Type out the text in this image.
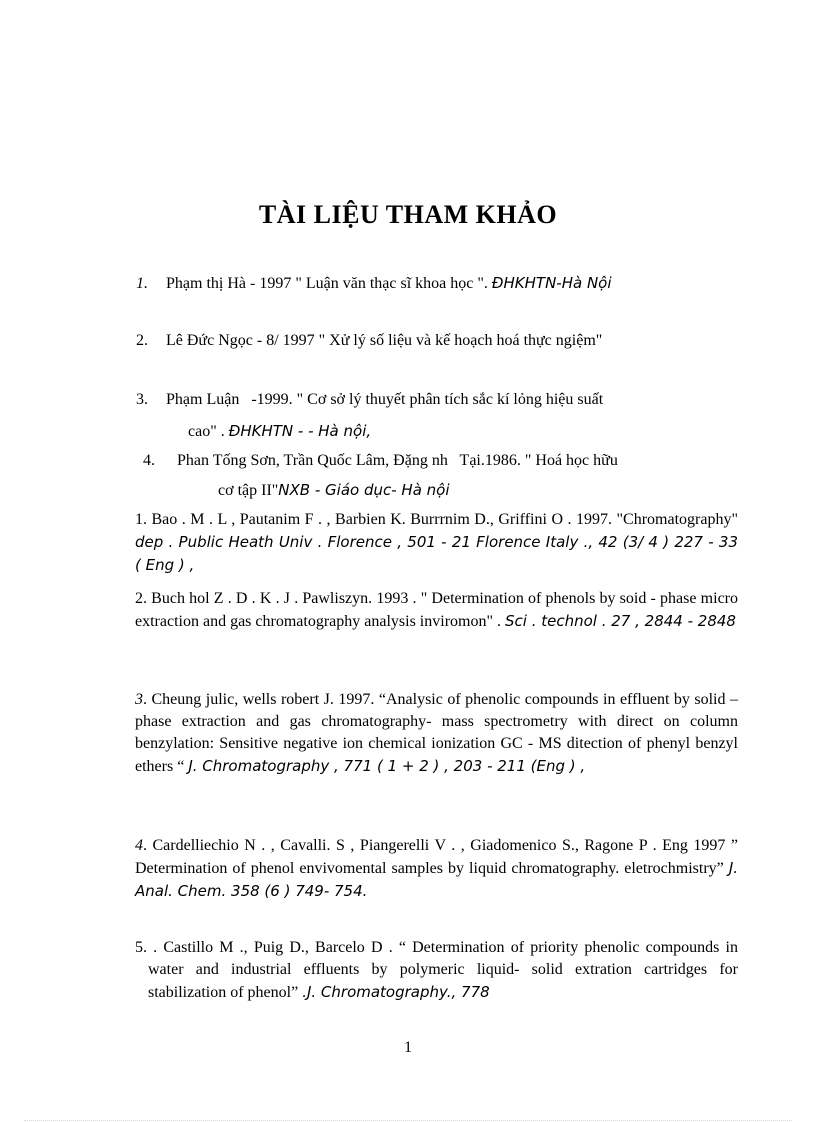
TÀI LIỆU THAM KHẢO
1. Phạm thị Hà - 1997 " Luận văn thạc sĩ khoa học ". ĐHKHTN-Hà Nội
2. Lê Đức Ngọc - 8/ 1997 " Xử lý số liệu và kế hoạch hoá thực ngiệm"
3. Phạm Luận   -1999. " Cơ sở lý thuyết phân tích sắc kí lỏng hiệu suất
cao" . ĐHKHTN - - Hà nội,
4. Phan Tống Sơn, Trần Quốc Lâm, Đặng nh   Tại.1986. " Hoá học hữu
cơ tập II"NXB - Giáo dục- Hà nội
1. Bao . M . L , Pautanim F . , Barbien K. Burrrnim D., Griffini O . 1997. "Chromatography" dep . Public Heath Univ . Florence , 501 - 21 Florence Italy ., 42 (3/ 4 ) 227 - 33 ( Eng ) ,
2. Buch hol Z . D . K . J . Pawliszyn. 1993 . " Determination of phenols by soid - phase micro extraction and gas chromatography analysis inviromon" . Sci . technol . 27 , 2844 - 2848
3. Cheung julic, wells robert J. 1997. “Analysic of phenolic compounds in effluent by solid – phase extraction and gas chromatography- mass spectrometry with direct on column benzylation: Sensitive negative ion chemical ionization GC - MS ditection of phenyl benzyl ethers “ J. Chromatography , 771 ( 1 + 2 ) , 203 - 211 (Eng ) ,
4. Cardelliechio N . , Cavalli. S , Piangerelli V . , Giadomenico S., Ragone P . Eng 1997 ” Determination of phenol envivomental samples by liquid chromatography. eletrochmistry” J. Anal. Chem. 358 (6 ) 749- 754.
5. . Castillo M ., Puig D., Barcelo D . “ Determination of priority phenolic compounds in water and industrial effluents by polymeric liquid- solid extration cartridges for stabilization of phenol” .J. Chromatography., 778
1
